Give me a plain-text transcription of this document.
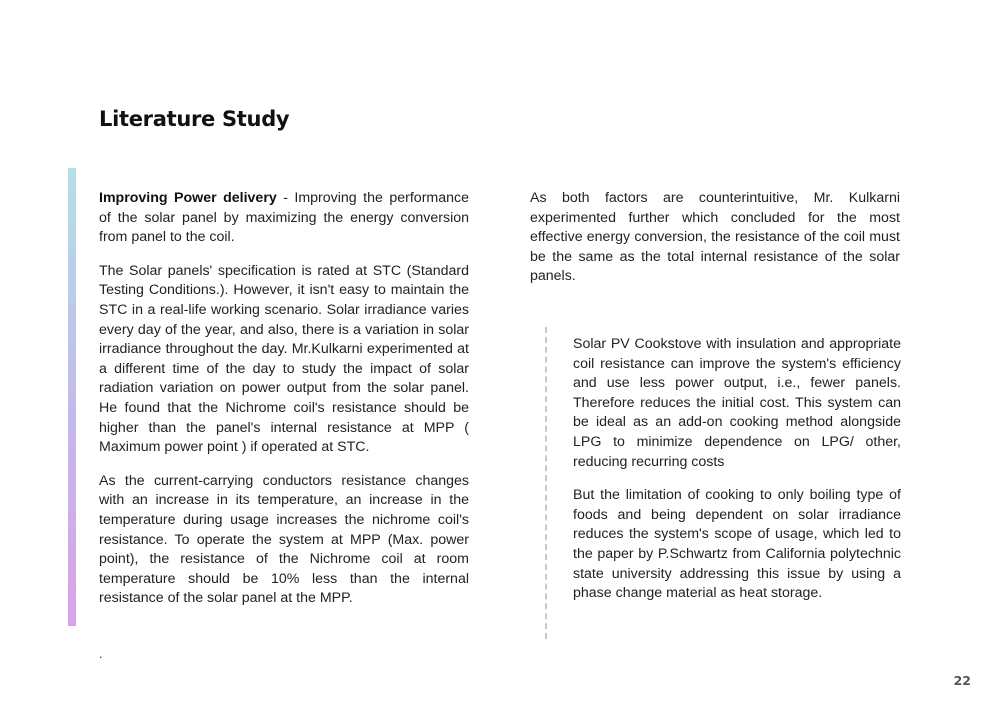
Literature Study

Improving Power delivery - Improving the performance of the solar panel by maximizing the energy conversion from panel to the coil.

The Solar panels' specification is rated at STC (Standard Testing Conditions.). However, it isn't easy to maintain the STC in a real-life working scenario. Solar irradiance varies every day of the year, and also, there is a variation in solar irradiance throughout the day. Mr.Kulkarni experimented at a different time of the day to study the impact of solar radiation variation on power output from the solar panel. He found that the Nichrome coil's resistance should be higher than the panel's internal resistance at MPP ( Maximum power point ) if operated at STC.

As the current-carrying conductors resistance changes with an increase in its temperature, an increase in the temperature during usage increases the nichrome coil's resistance. To operate the system at MPP (Max. power point), the resistance of the Nichrome coil at room temperature should be 10% less than the internal resistance of the solar panel at the MPP.

As both factors are counterintuitive, Mr. Kulkarni experimented further which concluded for the most effective energy conversion, the resistance of the coil must be the same as the total internal resistance of the solar panels.

Solar PV Cookstove with insulation and appropriate coil resistance can improve the system's efficiency and use less power output, i.e., fewer panels. Therefore reduces the initial cost. This system can be ideal as an add-on cooking method alongside LPG to minimize dependence on LPG/ other, reducing recurring costs

But the limitation of cooking to only boiling type of foods and being dependent on solar irradiance reduces the system's scope of usage, which led to the paper by P.Schwartz from California polytechnic state university addressing this issue by using a phase change material as heat storage.

.
22
